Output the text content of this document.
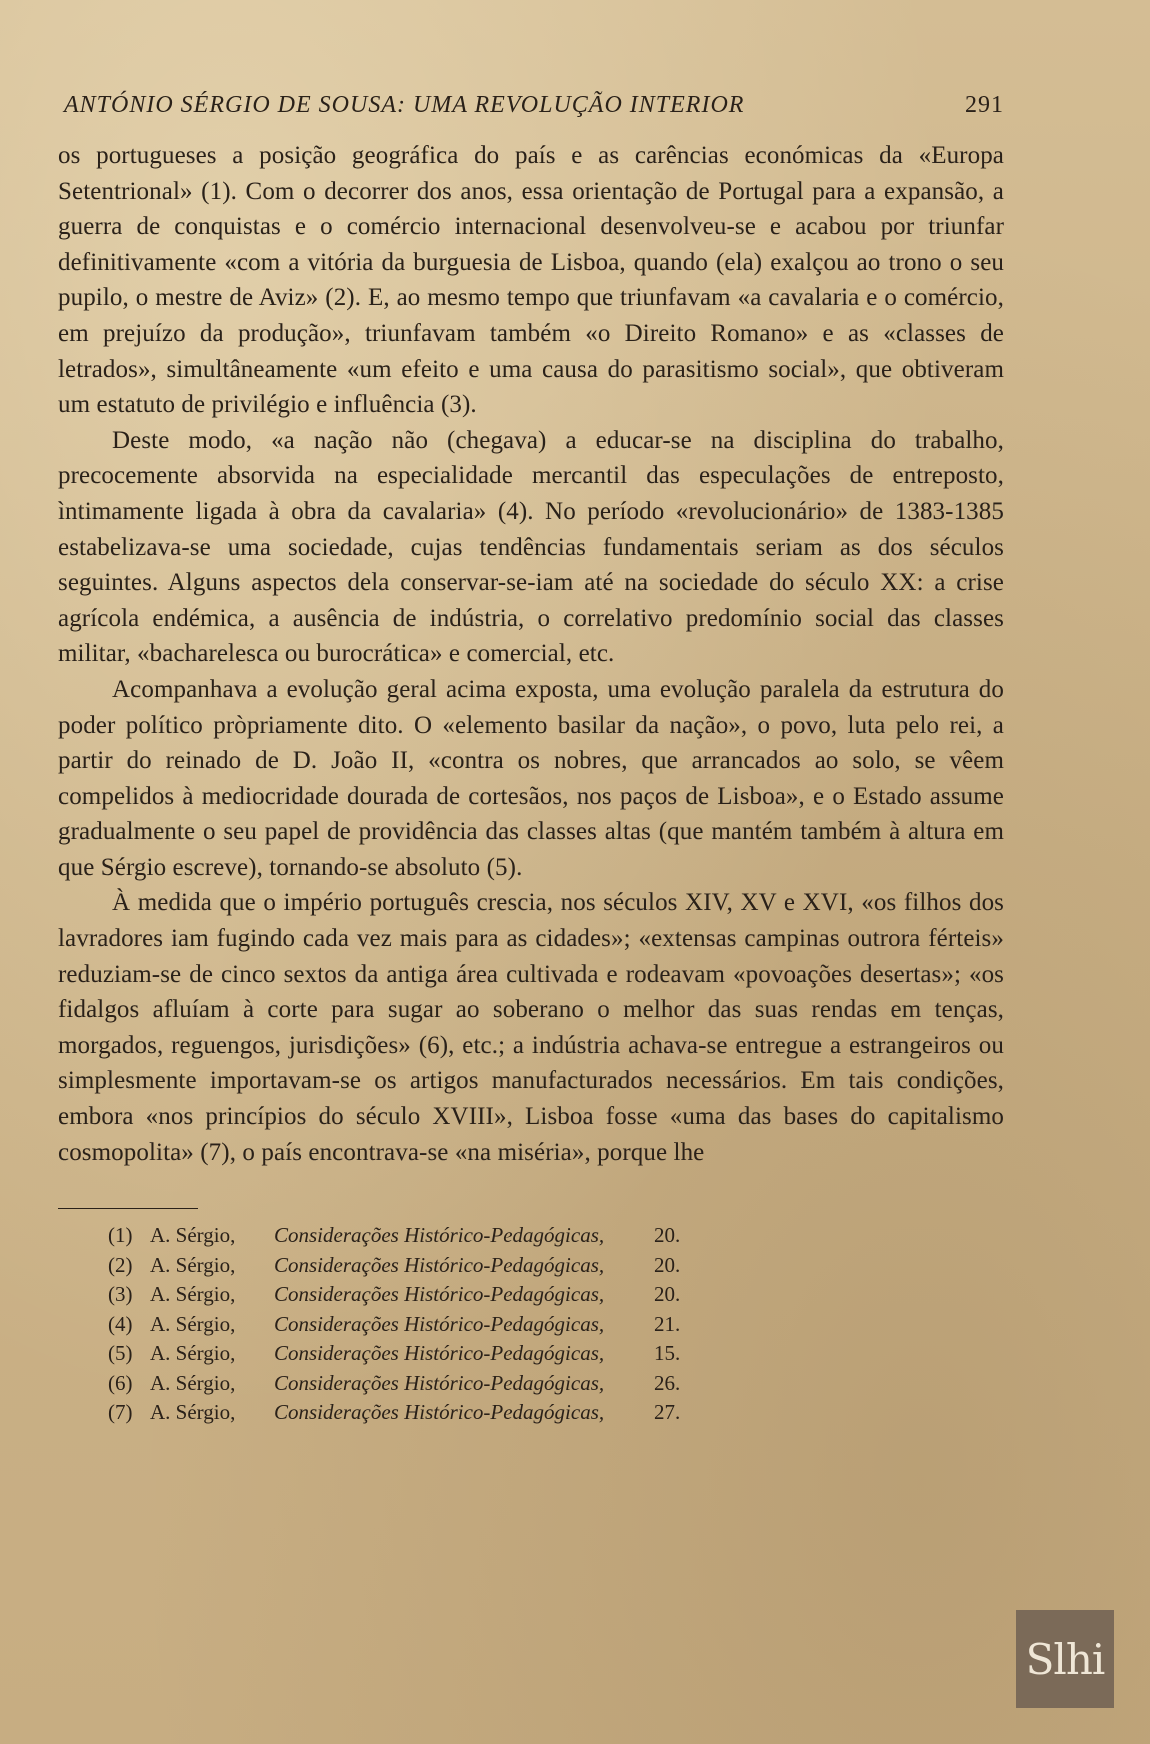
ANTÓNIO SÉRGIO DE SOUSA: UMA REVOLUÇÃO INTERIOR	291

os portugueses a posição geográfica do país e as carências económicas da «Europa Setentrional» (1). Com o decorrer dos anos, essa orientação de Portugal para a expansão, a guerra de conquistas e o comércio internacional desenvolveu-se e acabou por triunfar definitivamente «com a vitória da burguesia de Lisboa, quando (ela) exalçou ao trono o seu pupilo, o mestre de Aviz» (2). E, ao mesmo tempo que triunfavam «a cavalaria e o comércio, em prejuízo da produção», triunfavam também «o Direito Romano» e as «classes de letrados», simultâneamente «um efeito e uma causa do parasitismo social», que obtiveram um estatuto de privilégio e influência (3).

Deste modo, «a nação não (chegava) a educar-se na disciplina do trabalho, precocemente absorvida na especialidade mercantil das especulações de entreposto, ìntimamente ligada à obra da cavalaria» (4). No período «revolucionário» de 1383-1385 estabelizava-se uma sociedade, cujas tendências fundamentais seriam as dos séculos seguintes. Alguns aspectos dela conservar-se-iam até na sociedade do século XX: a crise agrícola endémica, a ausência de indústria, o correlativo predomínio social das classes militar, «bacharelesca ou burocrática» e comercial, etc.

Acompanhava a evolução geral acima exposta, uma evolução paralela da estrutura do poder político pròpriamente dito. O «elemento basilar da nação», o povo, luta pelo rei, a partir do reinado de D. João II, «contra os nobres, que arrancados ao solo, se vêem compelidos à mediocridade dourada de cortesãos, nos paços de Lisboa», e o Estado assume gradualmente o seu papel de providência das classes altas (que mantém também à altura em que Sérgio escreve), tornando-se absoluto (5).

À medida que o império português crescia, nos séculos XIV, XV e XVI, «os filhos dos lavradores iam fugindo cada vez mais para as cidades»; «extensas campinas outrora férteis» reduziam-se de cinco sextos da antiga área cultivada e rodeavam «povoações desertas»; «os fidalgos afluíam à corte para sugar ao soberano o melhor das suas rendas em tenças, morgados, reguengos, jurisdições» (6), etc.; a indústria achava-se entregue a estrangeiros ou simplesmente importavam-se os artigos manufacturados necessários. Em tais condições, embora «nos princípios do século XVIII», Lisboa fosse «uma das bases do capitalismo cosmopolita» (7), o país encontrava-se «na miséria», porque lhe

(1) A. Sérgio,	Considerações Histórico-Pedagógicas,	20.
(2) A. Sérgio,	Considerações Histórico-Pedagógicas,	20.
(3) A. Sérgio,	Considerações Histórico-Pedagógicas,	20.
(4) A. Sérgio,	Considerações Histórico-Pedagógicas,	21.
(5) A. Sérgio,	Considerações Histórico-Pedagógicas,	15.
(6) A. Sérgio,	Considerações Histórico-Pedagógicas,	26.
(7) A. Sérgio,	Considerações Histórico-Pedagógicas,	27.
Slhi
